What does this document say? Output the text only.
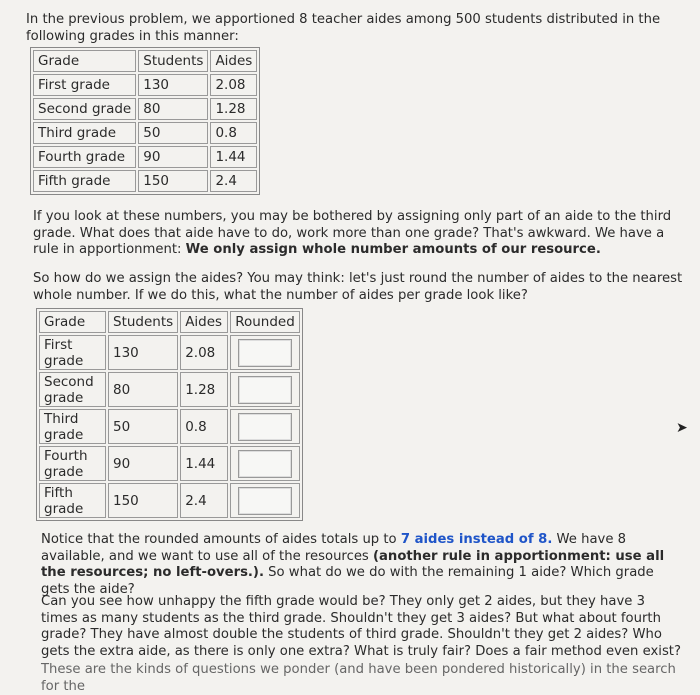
In the previous problem, we apportioned 8 teacher aides among 500 students distributed in the following grades in this manner:

Grade	Students	Aides
First grade	130	2.08
Second grade	80	1.28
Third grade	50	0.8
Fourth grade	90	1.44
Fifth grade	150	2.4

If you look at these numbers, you may be bothered by assigning only part of an aide to the third grade. What does that aide have to do, work more than one grade? That's awkward. We have a rule in apportionment: We only assign whole number amounts of our resource.

So how do we assign the aides? You may think: let's just round the number of aides to the nearest whole number. If we do this, what the number of aides per grade look like?

Grade	Students	Aides	Rounded
First grade	130	2.08	

Second grade	80	1.28	

Third grade	50	0.8	

Fourth grade	90	1.44	

Fifth grade	150	2.4	
➤

Notice that the rounded amounts of aides totals up to 7 aides instead of 8. We have 8 available, and we want to use all of the resources (another rule in apportionment: use all the resources; no left-overs.). So what do we do with the remaining 1 aide? Which grade gets the aide?

Can you see how unhappy the fifth grade would be? They only get 2 aides, but they have 3 times as many students as the third grade. Shouldn't they get 3 aides? But what about fourth grade? They have almost double the students of third grade. Shouldn't they get 2 aides? Who gets the extra aide, as there is only one extra? What is truly fair? Does a fair method even exist?

These are the kinds of questions we ponder (and have been pondered historically) in the search for the
